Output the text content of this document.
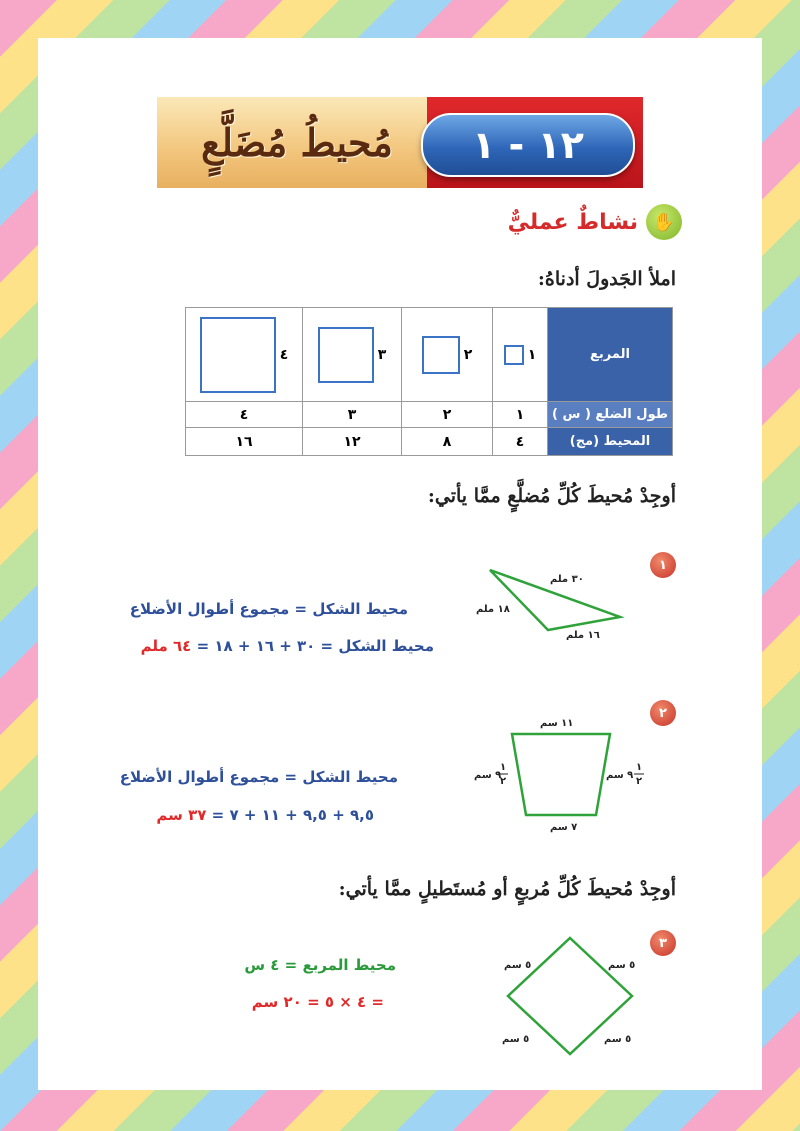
مُحيطُ مُضَلَّعٍ	١٢ - ١
✋
نشاطٌ عمليٌّ
املأ الجَدولَ أدناهُ:
المربع	١	٢	٣	٤

طول الضلع ( س )	١	٢	٣	٤
المحيط (مج)	٤	٨	١٢	١٦
أوجِدْ مُحيطَ كُلِّ مُضلَّعٍ ممَّا يأتي:
١
٣٠ ملم
١٨ ملم
١٦ ملم
محيط الشكل = مجموع أطوال الأضلاع
محيط الشكل = ٣٠ + ١٦ + ١٨ = ٦٤ ملم
٢
١١ سم
٧ سم
٩ سم
١
٢
٩ سم
١
٢
محيط الشكل = مجموع أطوال الأضلاع
٩,٥ + ٩,٥ + ١١ + ٧ = ٣٧ سم
أوجِدْ مُحيطَ كُلِّ مُربعٍ أو مُستَطيلٍ ممَّا يأتي:
٣
٥ سم	٥ سم
٥ سم	٥ سم
محيط المربع = ٤ س
= ٤ × ٥ = ٢٠ سم
